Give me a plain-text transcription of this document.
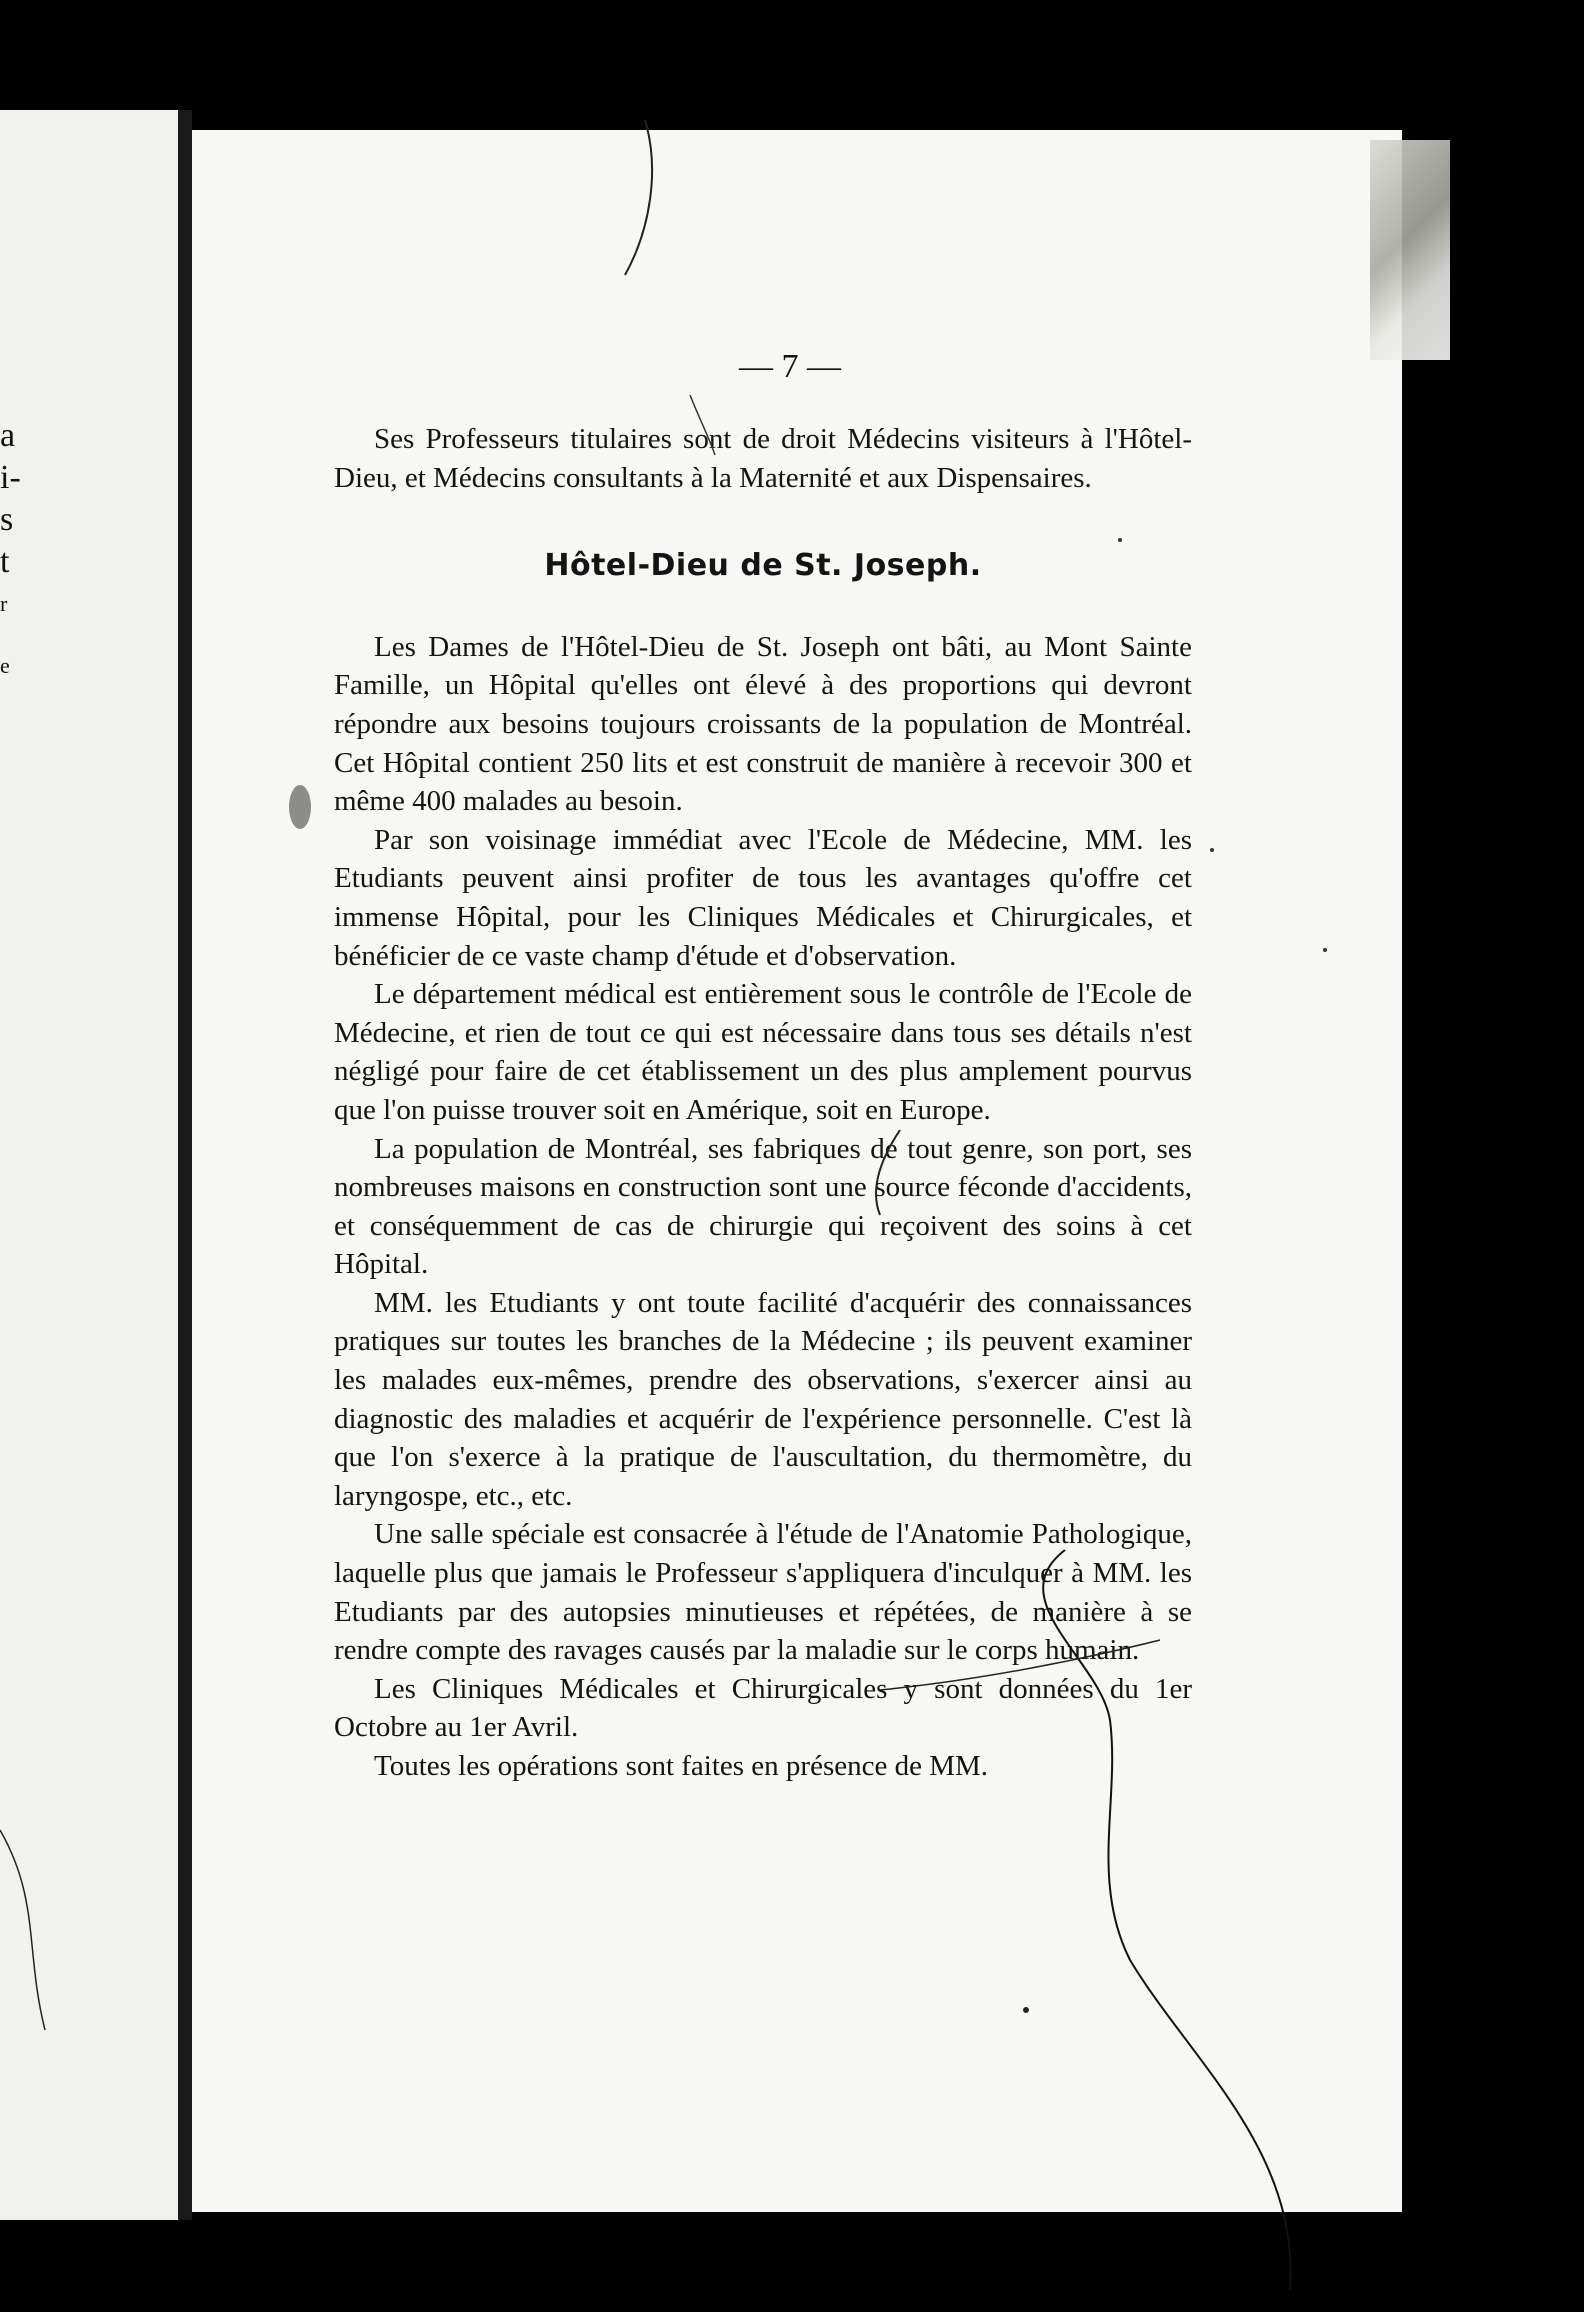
a
i-
s
t
r
e
— 7 —

Ses Professeurs titulaires sont de droit Médecins visiteurs à l'Hôtel-Dieu, et Médecins consultants à la Maternité et aux Dispensaires.

Hôtel-Dieu de St. Joseph.

Les Dames de l'Hôtel-Dieu de St. Joseph ont bâti, au Mont Sainte Famille, un Hôpital qu'elles ont élevé à des proportions qui devront répondre aux besoins toujours croissants de la population de Montréal. Cet Hôpital contient 250 lits et est construit de manière à recevoir 300 et même 400 malades au besoin.

Par son voisinage immédiat avec l'Ecole de Médecine, MM. les Etudiants peuvent ainsi profiter de tous les avantages qu'offre cet immense Hôpital, pour les Cliniques Médicales et Chirurgicales, et bénéficier de ce vaste champ d'étude et d'observation.

Le département médical est entièrement sous le contrôle de l'Ecole de Médecine, et rien de tout ce qui est nécessaire dans tous ses détails n'est négligé pour faire de cet établissement un des plus amplement pourvus que l'on puisse trouver soit en Amérique, soit en Europe.

La population de Montréal, ses fabriques de tout genre, son port, ses nombreuses maisons en construction sont une source féconde d'accidents, et conséquemment de cas de chirurgie qui reçoivent des soins à cet Hôpital.

MM. les Etudiants y ont toute facilité d'acquérir des connaissances pratiques sur toutes les branches de la Médecine ; ils peuvent examiner les malades eux-mêmes, prendre des observations, s'exercer ainsi au diagnostic des maladies et acquérir de l'expérience personnelle. C'est là que l'on s'exerce à la pratique de l'auscultation, du thermomètre, du laryngospe, etc., etc.

Une salle spéciale est consacrée à l'étude de l'Anatomie Pathologique, laquelle plus que jamais le Professeur s'appliquera d'inculquer à MM. les Etudiants par des autopsies minutieuses et répétées, de manière à se rendre compte des ravages causés par la maladie sur le corps humain.

Les Cliniques Médicales et Chirurgicales y sont données du 1er Octobre au 1er Avril.

Toutes les opérations sont faites en présence de MM.
